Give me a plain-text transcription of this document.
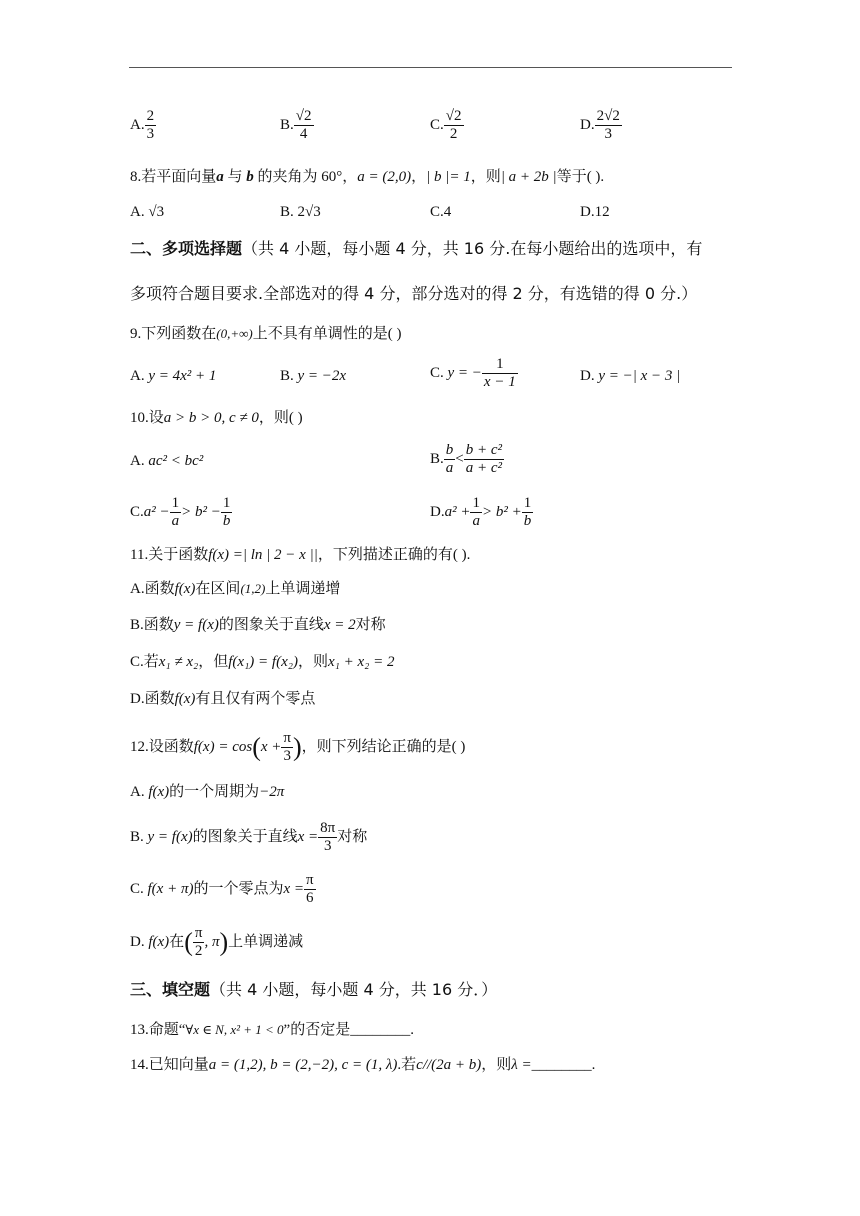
A. $\frac{2}{3}$	B. $\frac{√2}{4}$	C. $\frac{√2}{2}$	D. $\frac{2√2}{3}$
8.若平面向量a 与 b 的夹角为 60°，a = (2,0)，| b |= 1，则| a + 2b |等于( ).
A. √3	B. 2√3	C.4	D.12
二、多项选择题（共 4 小题，每小题 4 分，共 16 分.在每小题给出的选项中，有
多项符合题目要求.全部选对的得 4 分，部分选对的得 2 分，有选错的得 0 分.）
9.下列函数在(0,+∞)上不具有单调性的是( )
A. y = 4x² + 1	B. y = −2x	C. y = − $\frac{1}{x - 1}$	D. y = −| x − 3 |
10.设a > b > 0, c ≠ 0，则( )
A. ac² < bc²	B. $\frac{b}{a} < \frac{\text{b + c²}}{\text{a + c²}}$
$C.a^2 - \frac{1}{a} > b^2 - \frac{1}{b}$	$D.a^2 + \frac{1}{a} > b^2 + \frac{1}{b}$
11.关于函数f(x) =| ln | 2 − x ||，下列描述正确的有( ).
A.函数f(x)在区间(1,2)上单调递增
B.函数y = f(x)的图象关于直线x = 2对称
C.若x₁ ≠ x₂，但f(x₁) = f(x₂)，则x₁ + x₂ = 2
D.函数f(x)有且仅有两个零点
12.设函数$f(x) = \cos(x + \frac{\pi}{3}$ )，则下列结论正确的是( )
A. f(x)的一个周期为−2π
B. y = f(x)的图象关于直线$x = \frac{8\pi}{3}$ 对称
C. f(x + π)的一个零点为$x = \frac{\pi}{6}$
D. f(x)在( $\frac{\pi}{2}$ , π)上单调递减
三、填空题（共 4 小题，每小题 4 分，共 16 分．）
13.命题“∀x ∈ N, x² + 1 < 0”的否定是________.
14.已知向量a = (1,2), b = (2,−2), c = (1, λ).若c//(2a + b)，则λ =________.
